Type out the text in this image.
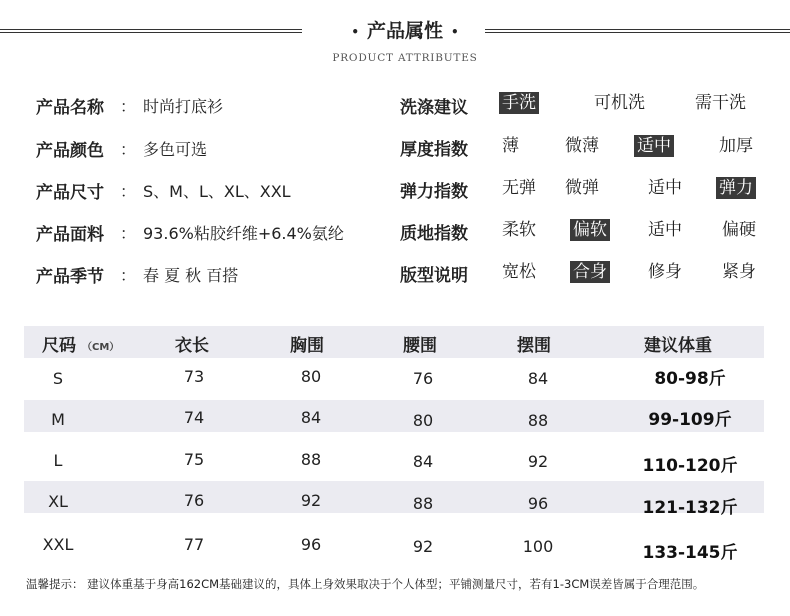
• 产品属性 •
PRODUCT ATTRIBUTES
产品名称 ： 时尚打底衫
产品颜色 ： 多色可选
产品尺寸 ： S、M、L、XL、XXL
产品面料 ： 93.6%粘胶纤维+6.4%氨纶
产品季节 ： 春 夏 秋 百搭
洗涤建议 手洗	可机洗	需干洗
厚度指数 薄	微薄 适中	加厚
弹力指数 无弹 微弹	适中 弹力
质地指数 柔软 偏软 适中 偏硬
版型说明 宽松 合身 修身 紧身
尺码 （CM）	衣长	胸围	腰围	摆围	建议体重
S	73	80	76	84	80-98斤
M	74	84	80	88	99-109斤
L	75	88	84	92	110-120斤
XL	76	92	88	96	121-132斤
XXL	77	96	92	100	133-145斤
温馨提示： 建议体重基于身高162CM基础建议的，具体上身效果取决于个人体型；平铺测量尺寸，若有1-3CM误差皆属于合理范围。
